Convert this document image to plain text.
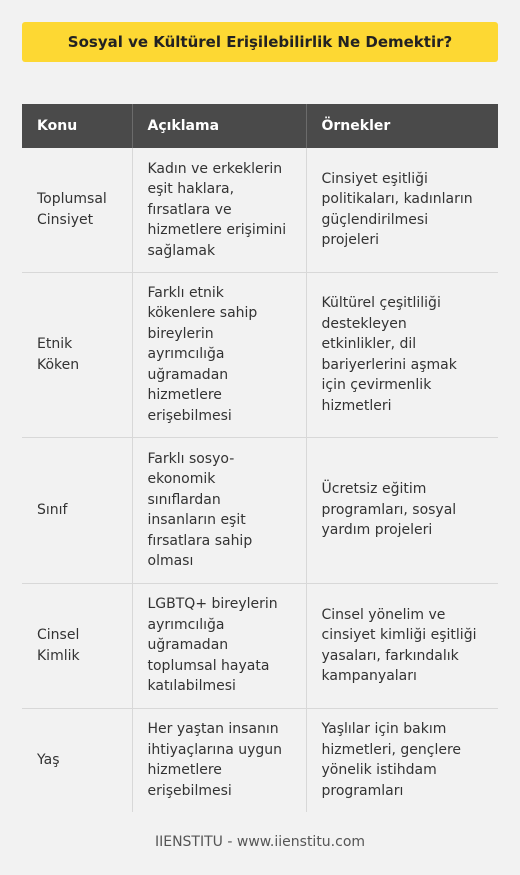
Sosyal ve Kültürel Erişilebilirlik Ne Demektir?
Konu	Açıklama	Örnekler
Toplumsal Cinsiyet	Kadın ve erkeklerin eşit haklara, fırsatlara ve hizmetlere erişimini sağlamak	Cinsiyet eşitliği politikaları, kadınların güçlendirilmesi projeleri
Etnik Köken	Farklı etnik kökenlere sahip bireylerin ayrımcılığa uğramadan hizmetlere erişebilmesi	Kültürel çeşitliliği destekleyen etkinlikler, dil bariyerlerini aşmak için çevirmenlik hizmetleri
Sınıf	Farklı sosyo-ekonomik sınıflardan insanların eşit fırsatlara sahip olması	Ücretsiz eğitim programları, sosyal yardım projeleri
Cinsel Kimlik	LGBTQ+ bireylerin ayrımcılığa uğramadan toplumsal hayata katılabilmesi	Cinsel yönelim ve cinsiyet kimliği eşitliği yasaları, farkındalık kampanyaları
Yaş	Her yaştan insanın ihtiyaçlarına uygun hizmetlere erişebilmesi	Yaşlılar için bakım hizmetleri, gençlere yönelik istihdam programları
IIENSTITU - www.iienstitu.com
